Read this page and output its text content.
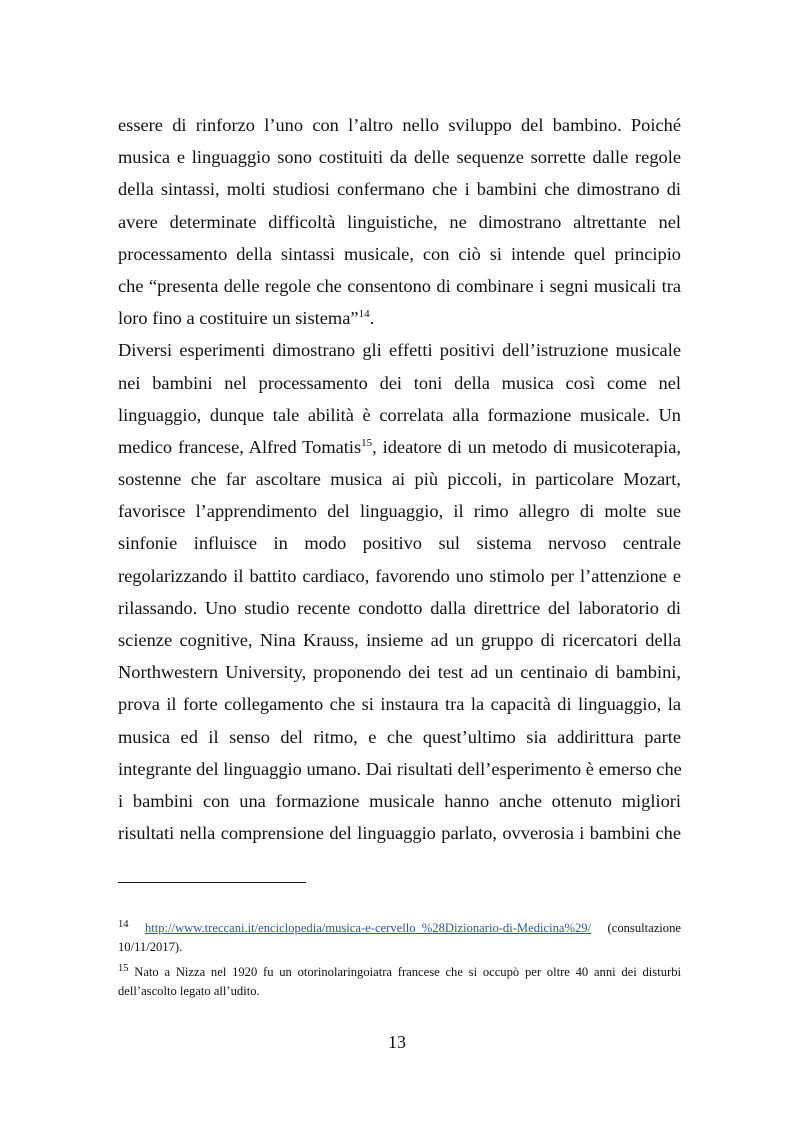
essere di rinforzo l’uno con l’altro nello sviluppo del bambino. Poiché
musica e linguaggio sono costituiti da delle sequenze sorrette dalle regole
della sintassi, molti studiosi confermano che i bambini che dimostrano di
avere determinate difficoltà linguistiche, ne dimostrano altrettante nel
processamento della sintassi musicale, con ciò si intende quel principio
che “presenta delle regole che consentono di combinare i segni musicali tra
loro fino a costituire un sistema”$^{14}$.
Diversi esperimenti dimostrano gli effetti positivi dell’istruzione musicale
nei bambini nel processamento dei toni della musica così come nel
linguaggio, dunque tale abilità è correlata alla formazione musicale. Un
medico francese, Alfred Tomatis$^{15}$, ideatore di un metodo di musicoterapia,
sostenne che far ascoltare musica ai più piccoli, in particolare Mozart,
favorisce l’apprendimento del linguaggio, il rimo allegro di molte sue
sinfonie influisce in modo positivo sul sistema nervoso centrale
regolarizzando il battito cardiaco, favorendo uno stimolo per l’attenzione e
rilassando. Uno studio recente condotto dalla direttrice del laboratorio di
scienze cognitive, Nina Krauss, insieme ad un gruppo di ricercatori della
Northwestern University, proponendo dei test ad un centinaio di bambini,
prova il forte collegamento che si instaura tra la capacità di linguaggio, la
musica ed il senso del ritmo, e che quest’ultimo sia addirittura parte
integrante del linguaggio umano. Dai risultati dell’esperimento è emerso che
i bambini con una formazione musicale hanno anche ottenuto migliori
risultati nella comprensione del linguaggio parlato, ovverosia i bambini che
$^{14}$ http://www.treccani.it/enciclopedia/musica-e-cervello_%28Dizionario-di-Medicina%29/ (consultazione
10/11/2017).
$^{15}$ Nato a Nizza nel 1920 fu un otorinolaringoiatra francese che si occupò per oltre 40 anni dei disturbi
dell’ascolto legato all’udito.
13
